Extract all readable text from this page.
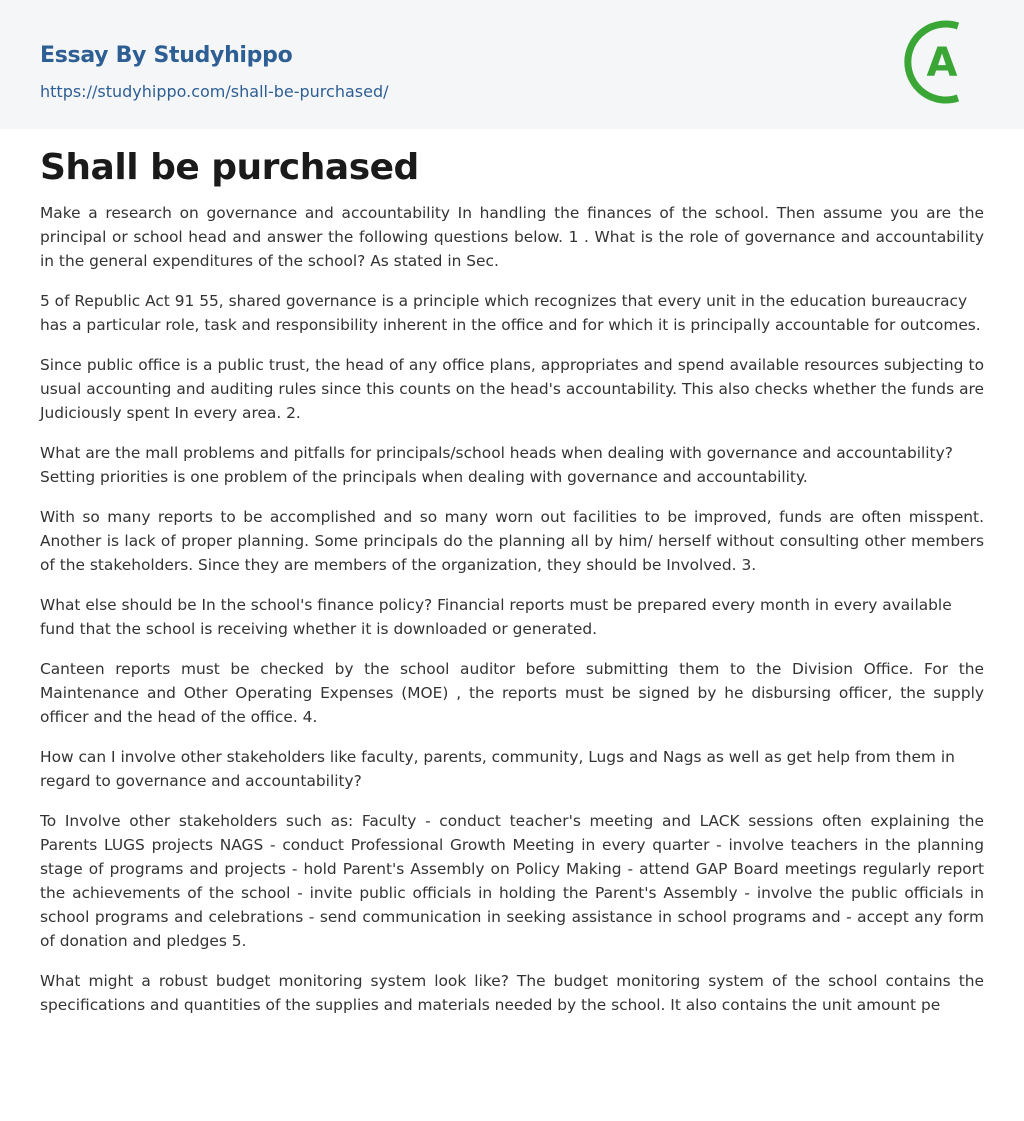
Essay By Studyhippo
https://studyhippo.com/shall-be-purchased/
A
Shall be purchased

Make a research on governance and accountability In handling the finances of the school. Then assume you are the principal or school head and answer the following questions below. 1 . What is the role of governance and accountability in the general expenditures of the school? As stated in Sec.

5 of Republic Act 91 55, shared governance is a principle which recognizes that every unit in the education bureaucracy has a particular role, task and responsibility inherent in the office and for which it is principally accountable for outcomes.

Since public office is a public trust, the head of any office plans, appropriates and spend available resources subjecting to usual accounting and auditing rules since this counts on the head's accountability. This also checks whether the funds are Judiciously spent In every area. 2.

What are the mall problems and pitfalls for principals/school heads when dealing with governance and accountability? Setting priorities is one problem of the principals when dealing with governance and accountability.

With so many reports to be accomplished and so many worn out facilities to be improved, funds are often misspent. Another is lack of proper planning. Some principals do the planning all by him/ herself without consulting other members of the stakeholders. Since they are members of the organization, they should be Involved. 3.

What else should be In the school's finance policy? Financial reports must be prepared every month in every available fund that the school is receiving whether it is downloaded or generated.

Canteen reports must be checked by the school auditor before submitting them to the Division Office. For the Maintenance and Other Operating Expenses (MOE) , the reports must be signed by he disbursing officer, the supply officer and the head of the office. 4.

How can I involve other stakeholders like faculty, parents, community, Lugs and Nags as well as get help from them in regard to governance and accountability?

To Involve other stakeholders such as: Faculty - conduct teacher's meeting and LACK sessions often explaining the Parents LUGS projects NAGS - conduct Professional Growth Meeting in every quarter - involve teachers in the planning stage of programs and projects - hold Parent's Assembly on Policy Making - attend GAP Board meetings regularly report the achievements of the school - invite public officials in holding the Parent's Assembly - involve the public officials in school programs and celebrations - send communication in seeking assistance in school programs and - accept any form of donation and pledges 5.

What might a robust budget monitoring system look like? The budget monitoring system of the school contains the specifications and quantities of the supplies and materials needed by the school. It also contains the unit amount pe
